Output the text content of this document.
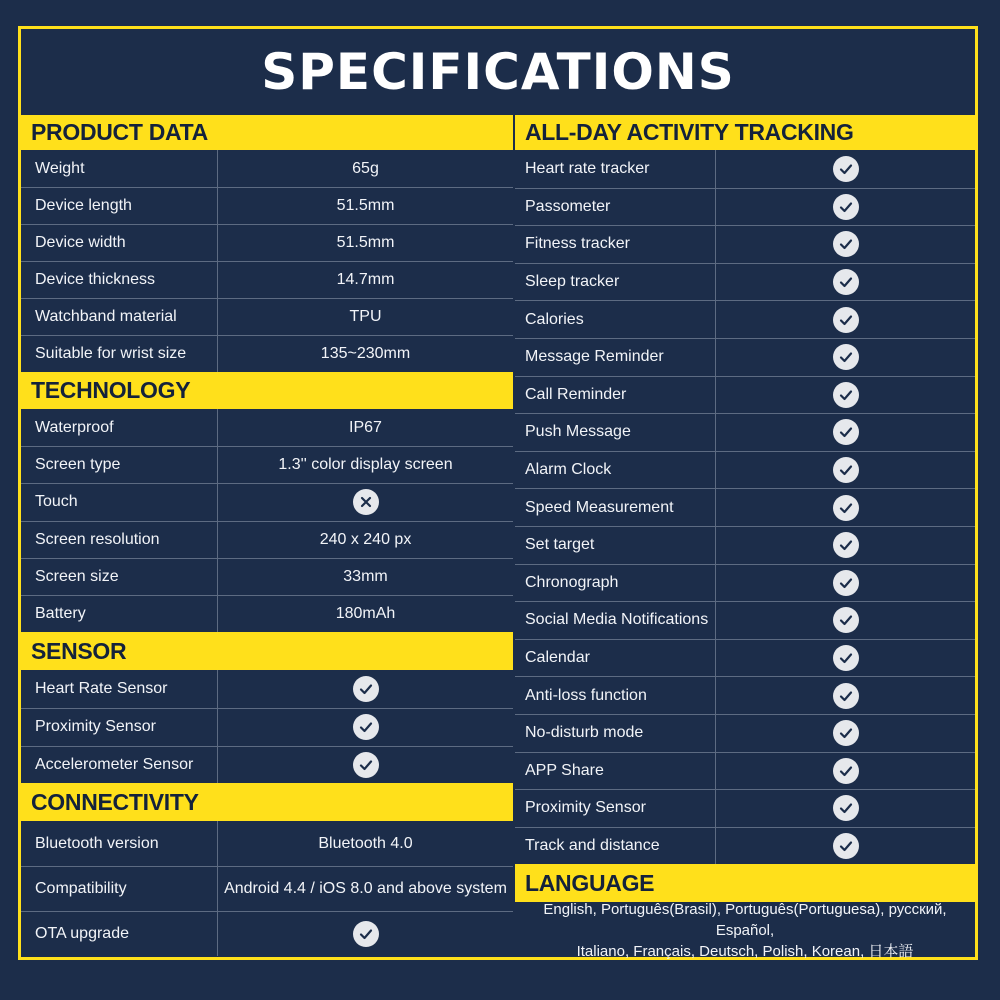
SPECIFICATIONS
PRODUCT DATA
Weight	65g
Device length	51.5mm
Device width	51.5mm
Device thickness	14.7mm
Watchband material	TPU
Suitable for wrist size	135~230mm
TECHNOLOGY
Waterproof	IP67
Screen type	1.3'' color display screen
Touch
Screen resolution	240 x 240 px
Screen size	33mm
Battery	180mAh
SENSOR
Heart Rate Sensor
Proximity Sensor
Accelerometer Sensor
CONNECTIVITY
Bluetooth version	Bluetooth 4.0
Compatibility	Android 4.4 / iOS 8.0 and above system
OTA upgrade
ALL-DAY ACTIVITY TRACKING
Heart rate tracker
Passometer
Fitness tracker
Sleep tracker
Calories
Message Reminder
Call Reminder
Push Message
Alarm Clock
Speed Measurement
Set target
Chronograph
Social Media Notifications
Calendar
Anti-loss function
No-disturb mode
APP Share
Proximity Sensor
Track and distance
LANGUAGE
English, Português(Brasil), Português(Portuguesa), русский, Español,
Italiano, Français, Deutsch, Polish, Korean, 日本語
